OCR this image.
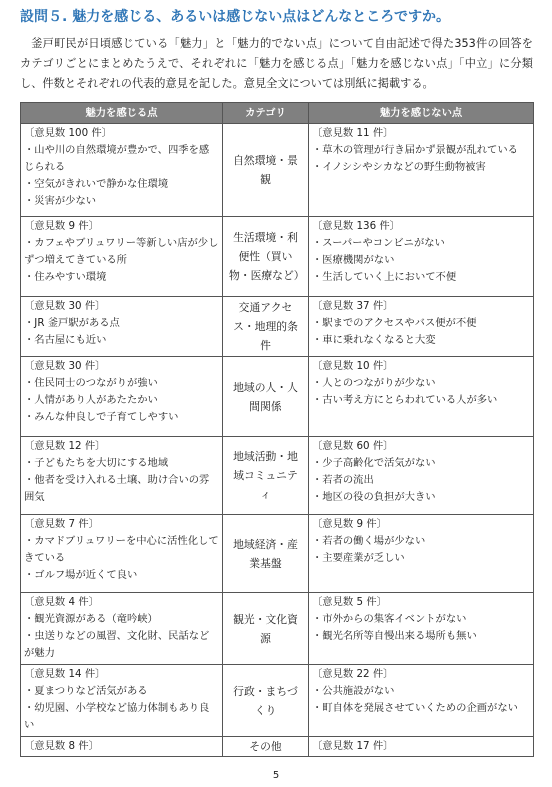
設問５. 魅力を感じる、あるいは感じない点はどんなところですか。
釜戸町民が日頃感じている「魅力」と「魅力的でない点」について自由記述で得た353件の回答をカテゴリごとにまとめたうえで、それぞれに「魅力を感じる点」「魅力を感じない点」「中立」に分類し、件数とそれぞれの代表的意見を記した。意見全文については別紙に掲載する。
魅力を感じる点	カテゴリ	魅力を感じない点

〔意見数 100 件〕
・山や川の自然環境が豊かで、四季を感じられる
・空気がきれいで静かな住環境
・災害が少ない	自然環境・景観	〔意見数 11 件〕
・草木の管理が行き届かず景観が乱れている
・イノシシやシカなどの野生動物被害

〔意見数 9 件〕
・カフェやブリュワリー等新しい店が少しずつ増えてきている所
・住みやすい環境	生活環境・利便性（買い物・医療など）	〔意見数 136 件〕
・スーパーやコンビニがない
・医療機関がない
・生活していく上において不便

〔意見数 30 件〕
・JR 釜戸駅がある点
・名古屋にも近い	交通アクセス・地理的条件	〔意見数 37 件〕
・駅までのアクセスやバス便が不便
・車に乗れなくなると大変

〔意見数 30 件〕
・住民同士のつながりが強い
・人情があり人があたたかい
・みんな仲良しで子育てしやすい	地域の人・人間関係	〔意見数 10 件〕
・人とのつながりが少ない
・古い考え方にとらわれている人が多い

〔意見数 12 件〕
・子どもたちを大切にする地域
・他者を受け入れる土壌、助け合いの雰囲気	地域活動・地域コミュニティ	〔意見数 60 件〕
・少子高齢化で活気がない
・若者の流出
・地区の役の負担が大きい

〔意見数 7 件〕
・カマドブリュワリーを中心に活性化してきている
・ゴルフ場が近くて良い	地域経済・産業基盤	〔意見数 9 件〕
・若者の働く場が少ない
・主要産業が乏しい

〔意見数 4 件〕
・観光資源がある（竜吟峡）
・虫送りなどの風習、文化財、民話などが魅力	観光・文化資源	〔意見数 5 件〕
・市外からの集客イベントがない
・観光名所等自慢出来る場所も無い

〔意見数 14 件〕
・夏まつりなど活気がある
・幼児園、小学校など協力体制もあり良い	行政・まちづくり	〔意見数 22 件〕
・公共施設がない
・町自体を発展させていくための企画がない

〔意見数 8 件〕	その他	〔意見数 17 件〕
5
